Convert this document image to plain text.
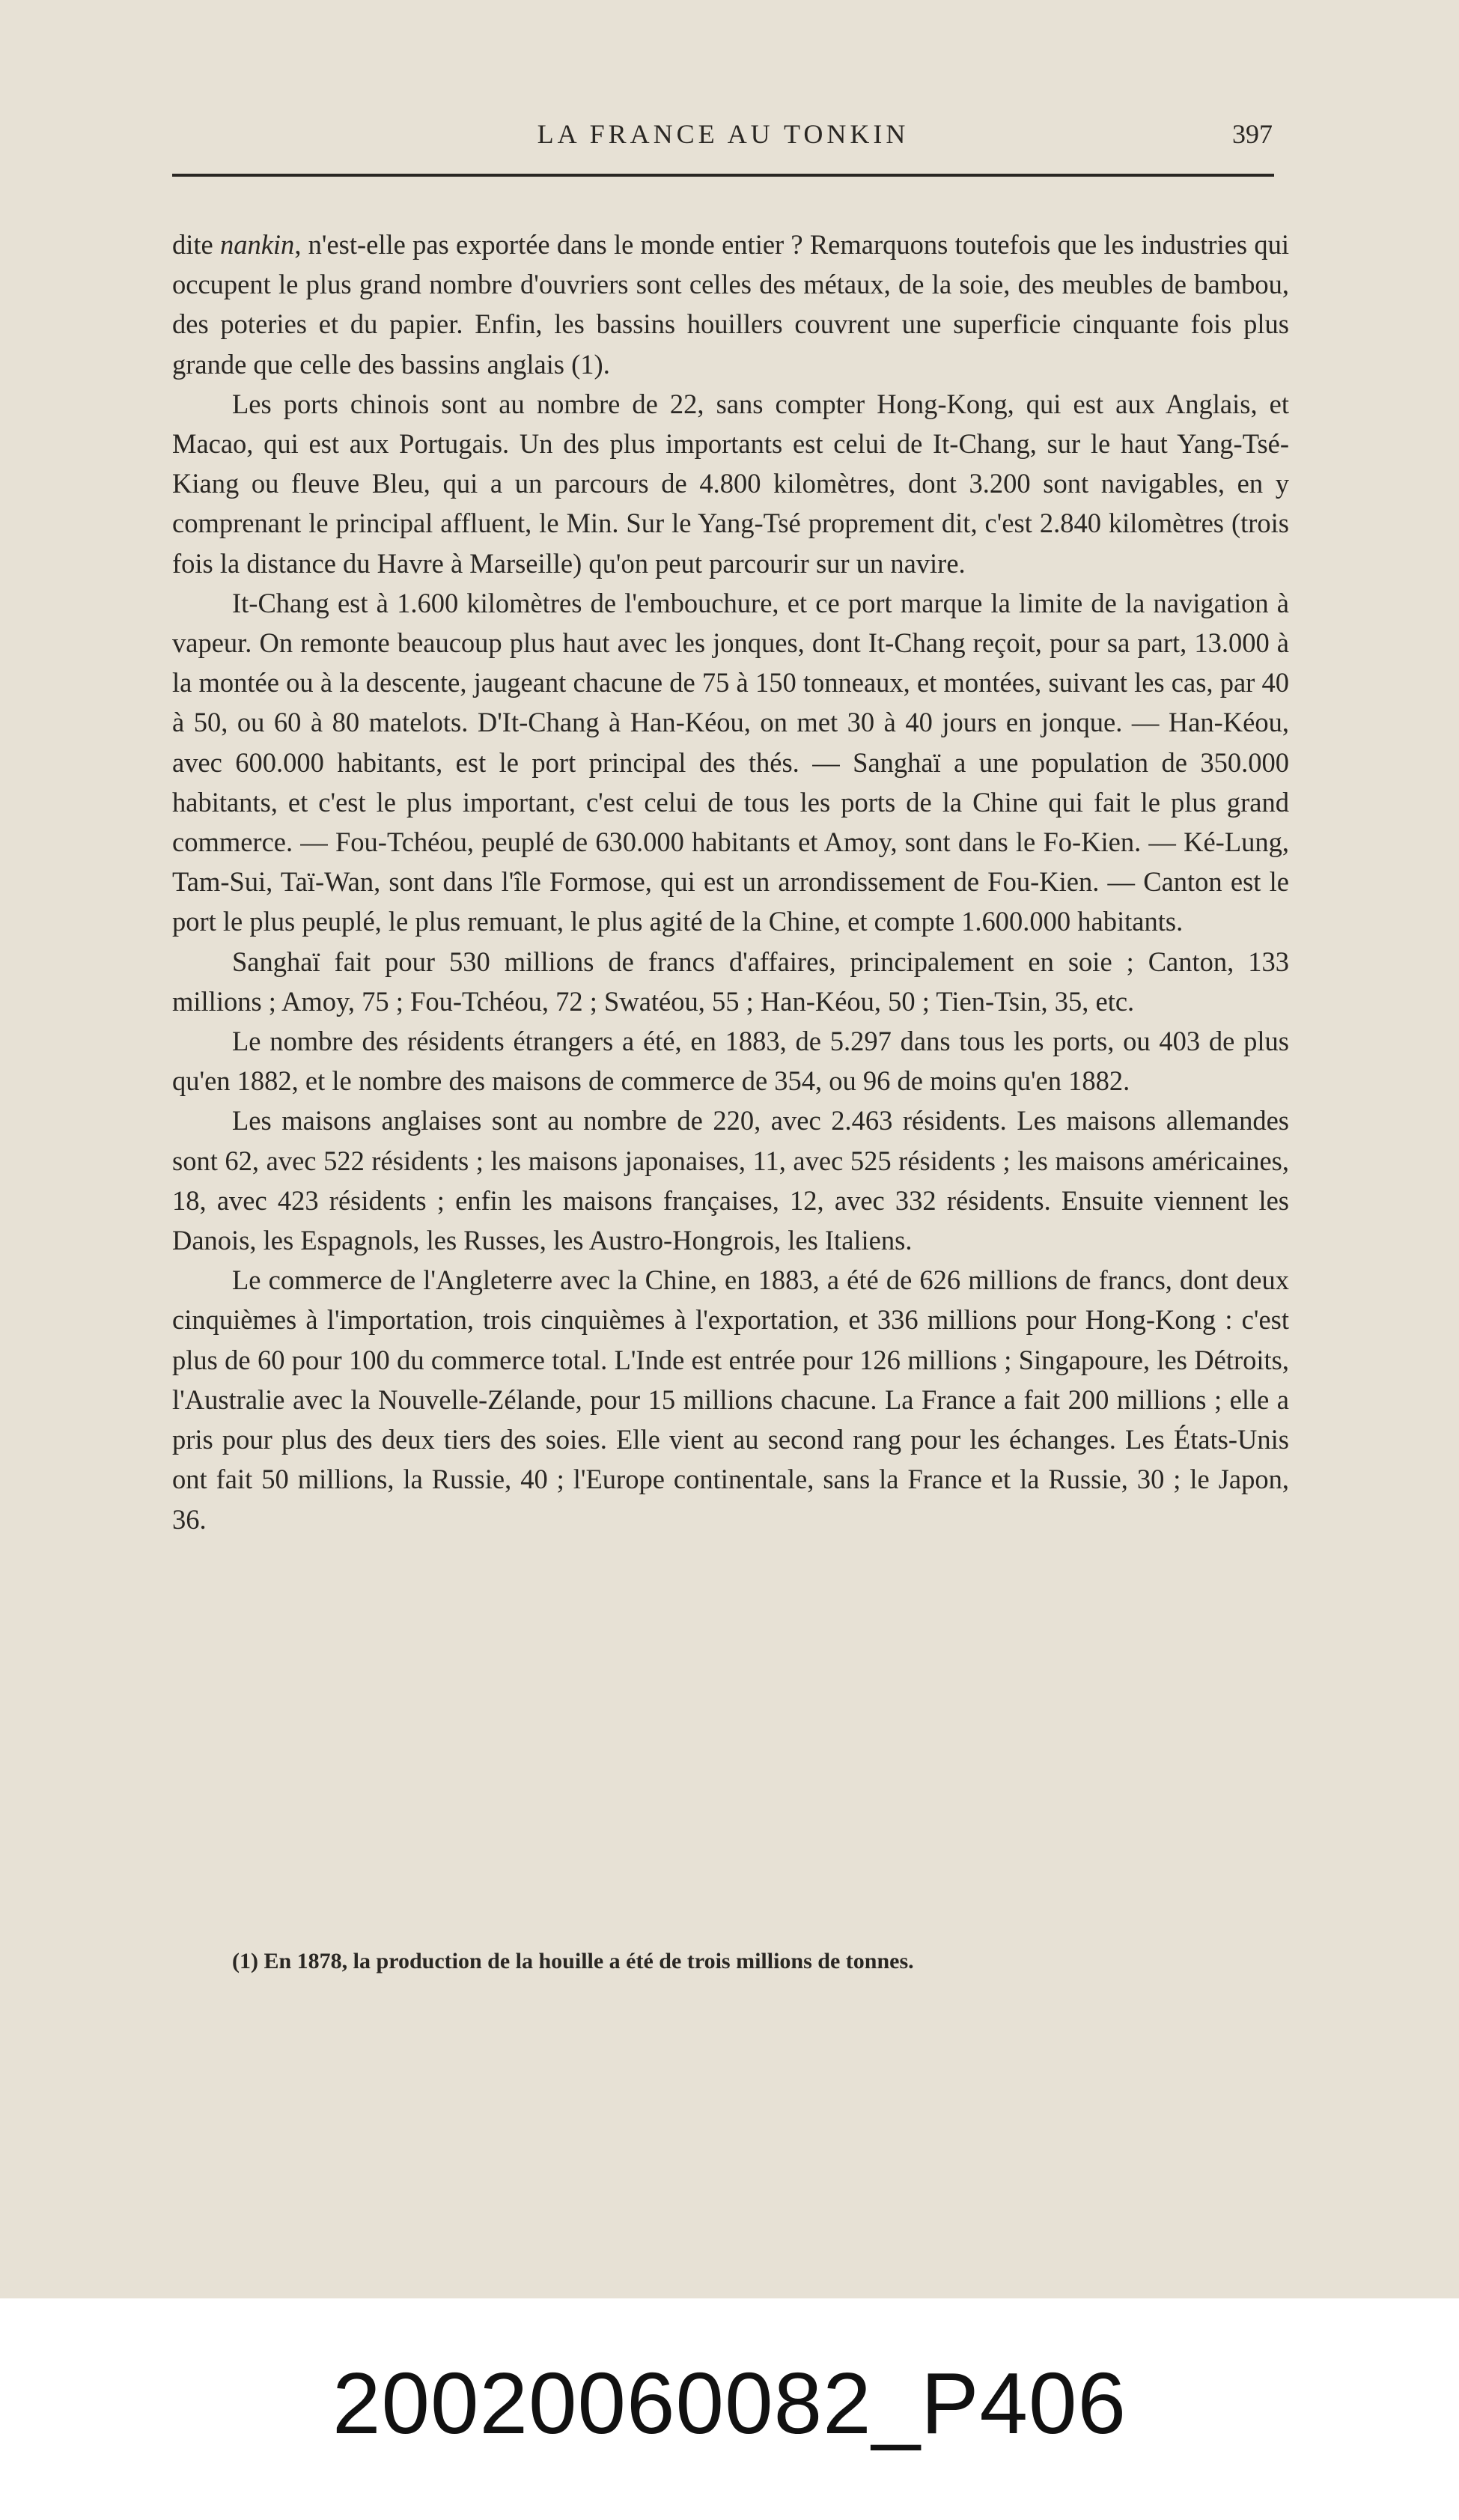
LA FRANCE AU TONKIN	397

dite nankin, n'est-elle pas exportée dans le monde entier ? Remarquons toutefois que les industries qui occupent le plus grand nombre d'ouvriers sont celles des métaux, de la soie, des meubles de bambou, des poteries et du papier. Enfin, les bassins houillers couvrent une superficie cinquante fois plus grande que celle des bassins anglais (1).

Les ports chinois sont au nombre de 22, sans compter Hong-Kong, qui est aux Anglais, et Macao, qui est aux Portugais. Un des plus importants est celui de It-Chang, sur le haut Yang-Tsé-Kiang ou fleuve Bleu, qui a un parcours de 4.800 kilomètres, dont 3.200 sont navigables, en y comprenant le principal affluent, le Min. Sur le Yang-Tsé proprement dit, c'est 2.840 kilomètres (trois fois la distance du Havre à Marseille) qu'on peut parcourir sur un navire.

It-Chang est à 1.600 kilomètres de l'embouchure, et ce port marque la limite de la navigation à vapeur. On remonte beaucoup plus haut avec les jonques, dont It-Chang reçoit, pour sa part, 13.000 à la montée ou à la descente, jaugeant chacune de 75 à 150 tonneaux, et montées, suivant les cas, par 40 à 50, ou 60 à 80 matelots. D'It-Chang à Han-Kéou, on met 30 à 40 jours en jonque. — Han-Kéou, avec 600.000 habitants, est le port principal des thés. — Sanghaï a une population de 350.000 habitants, et c'est le plus important, c'est celui de tous les ports de la Chine qui fait le plus grand commerce. — Fou-Tchéou, peuplé de 630.000 habitants et Amoy, sont dans le Fo-Kien. — Ké-Lung, Tam-Sui, Taï-Wan, sont dans l'île Formose, qui est un arrondissement de Fou-Kien. — Canton est le port le plus peuplé, le plus remuant, le plus agité de la Chine, et compte 1.600.000 habitants.

Sanghaï fait pour 530 millions de francs d'affaires, principalement en soie ; Canton, 133 millions ; Amoy, 75 ; Fou-Tchéou, 72 ; Swatéou, 55 ; Han-Kéou, 50 ; Tien-Tsin, 35, etc.

Le nombre des résidents étrangers a été, en 1883, de 5.297 dans tous les ports, ou 403 de plus qu'en 1882, et le nombre des maisons de commerce de 354, ou 96 de moins qu'en 1882.

Les maisons anglaises sont au nombre de 220, avec 2.463 résidents. Les maisons allemandes sont 62, avec 522 résidents ; les maisons japonaises, 11, avec 525 résidents ; les maisons américaines, 18, avec 423 résidents ; enfin les maisons françaises, 12, avec 332 résidents. Ensuite viennent les Danois, les Espagnols, les Russes, les Austro-Hongrois, les Italiens.

Le commerce de l'Angleterre avec la Chine, en 1883, a été de 626 millions de francs, dont deux cinquièmes à l'importation, trois cinquièmes à l'exportation, et 336 millions pour Hong-Kong : c'est plus de 60 pour 100 du commerce total. L'Inde est entrée pour 126 millions ; Singapoure, les Détroits, l'Australie avec la Nouvelle-Zélande, pour 15 millions chacune. La France a fait 200 millions ; elle a pris pour plus des deux tiers des soies. Elle vient au second rang pour les échanges. Les États-Unis ont fait 50 millions, la Russie, 40 ; l'Europe continentale, sans la France et la Russie, 30 ; le Japon, 36.

(1) En 1878, la production de la houille a été de trois millions de tonnes.
20020060082_P406
